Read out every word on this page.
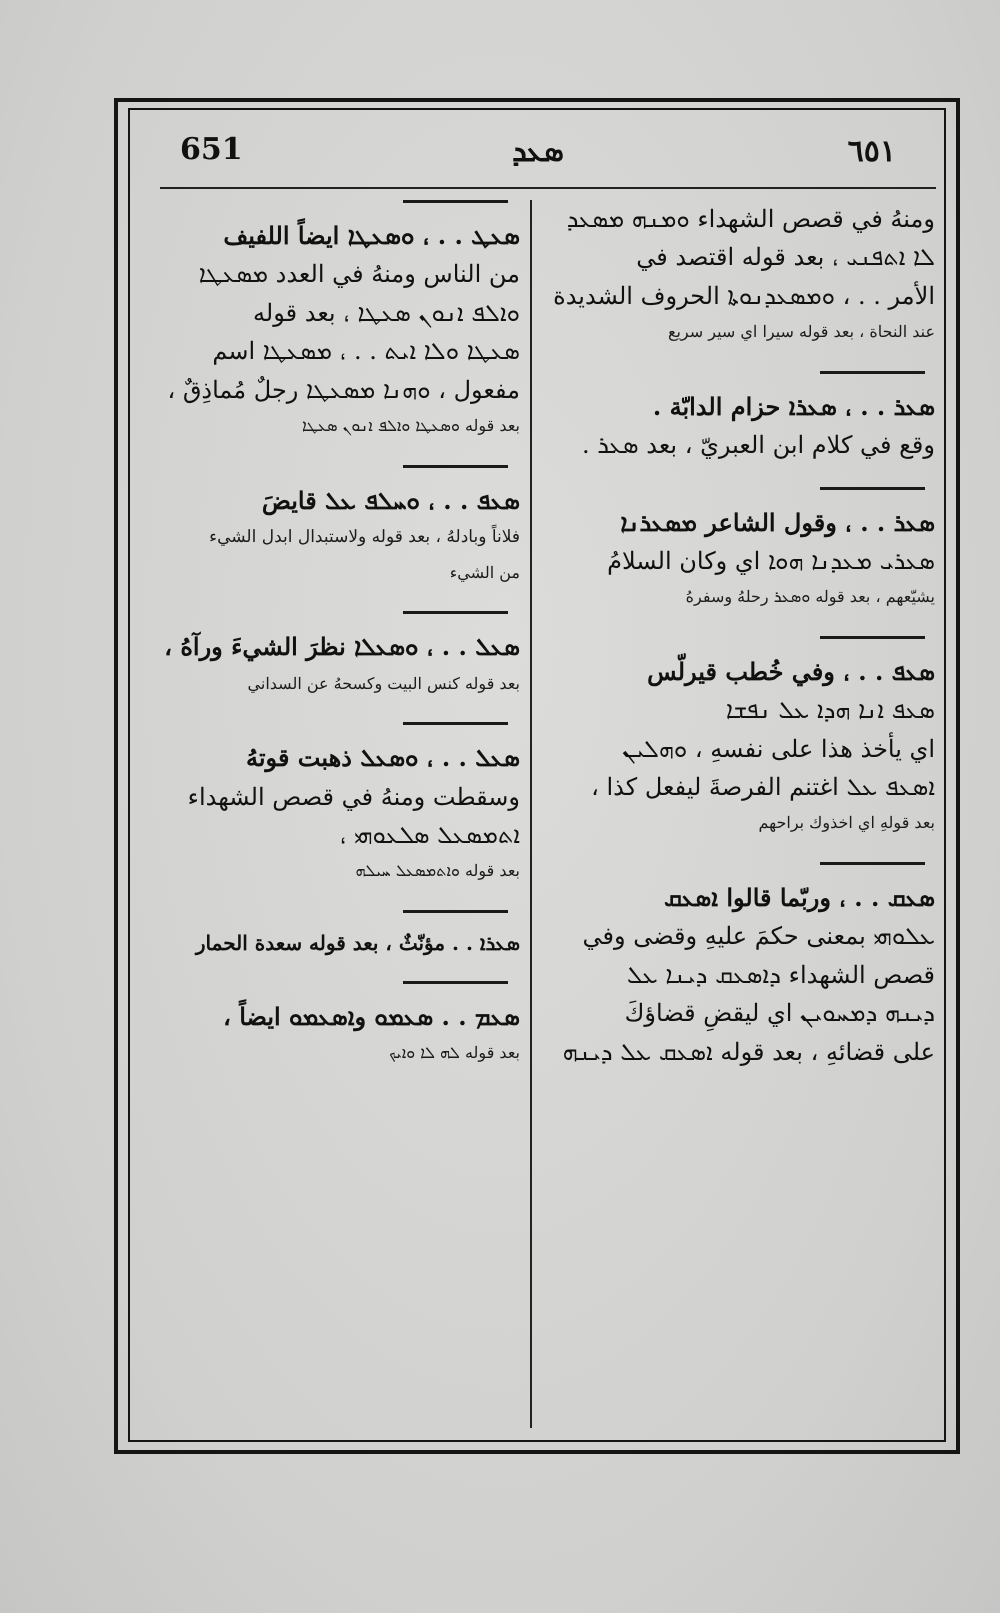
651	ܣܥܕ	٦٥١
ومنهُ في قصص الشهداء ܘܡܢܗ ܡܣܥܕ
ܠܐ ܐܬܦܢܝ ، بعد قوله اقتصد في
الأمر . . ، ܘܡܣܥܕܢܘܬܐ الحروف الشديدة
عند النحاة ، بعد قوله سيرا اي سير سريع
ܣܥܪ . . ، ܣܥܪܐ حزام الدابّة .
وقع في كلام ابن العبريّ ، بعد ܣܥܪ .
ܣܥܪ . . ، وقول الشاعر ܡܣܥܪܢܐ
ܣܥܪܝ ܡܥܕܢܐ ܗܘܐ اي وكان السلامُ
يشيّعهم ، بعد قوله ܘܣܥܪ رحلهُ وسفرهُ
ܣܥܦ . . ، وفي خُطب قيرلّس
ܣܥܦ ܐܢܐ ܗܕܐ ܥܠ ܢܦܫܐ
اي يأخذ هذا على نفسهِ ، ܘܗܠܝܢ
ܐܣܥܦ ܥܠ اغتنم الفرصةَ ليفعل كذا ،
بعد قولهِ اي اخذوك براحهم
ܣܥܩ . . ، وربّما قالوا ܐܣܥܩ
ܥܠܘܗܝ بمعنى حكمَ عليهِ وقضى وفي
قصص الشهداء ܕܐܣܥܩ ܕܝܢܐ ܥܠ
ܕܝܢܗ ܕܡܚܘܝܢ اي ليقضِ قضاؤكَ
على قضائهِ ، بعد قوله ܐܣܥܩ ܥܠ ܕܝܢܗ
ܣܥܛ . . ، ܘܣܥܛܐ ايضاً اللفيف
من الناس ومنهُ في العدد ܡܣܥܛܐ
ܘܐܠܦ ܐܢܘܢ ܣܥܛܐ ، بعد قوله
ܣܥܛܐ ܘܠܐ ܐܝܬ . . ، ܡܣܥܛܐ اسم
مفعول ، ܘܗܢܐ ܡܣܥܛܐ رجلٌ مُماذِقٌ ،
بعد قوله ܘܣܥܛܐ ܘܐܠܦ ܐܢܘܢ ܣܥܛܐ
ܣܥܦ . . ، ܘܚܠܦ ܥܠ قايضَ
فلاناً وبادلهُ ، بعد قوله ولاستبدال ابدل الشيء
من الشيء
ܣܥܠ . . ، ܘܣܥܠܐ نظرَ الشيءَ ورآهُ ،
بعد قوله كنس البيت وكسحهُ عن السداني
ܣܥܠ . . ، ܘܣܥܠ ذهبت قوتهُ
وسقطت ومنهُ في قصص الشهداء
ܐܬܡܣܥܠ ܣܠܥܘܗܝ ،
بعد قوله ܘܐܬܡܣܥܠ ܚܝܠܗ
ܣܥܪܐ . . مؤنّثٌ ، بعد قوله سعدة الحمار
ܣܥܡ . . ܣܥܡܘ وܐܣܥܡܘ ايضاً ،
بعد قوله ܠܗ ܠܐ ܘܐܝܟ
